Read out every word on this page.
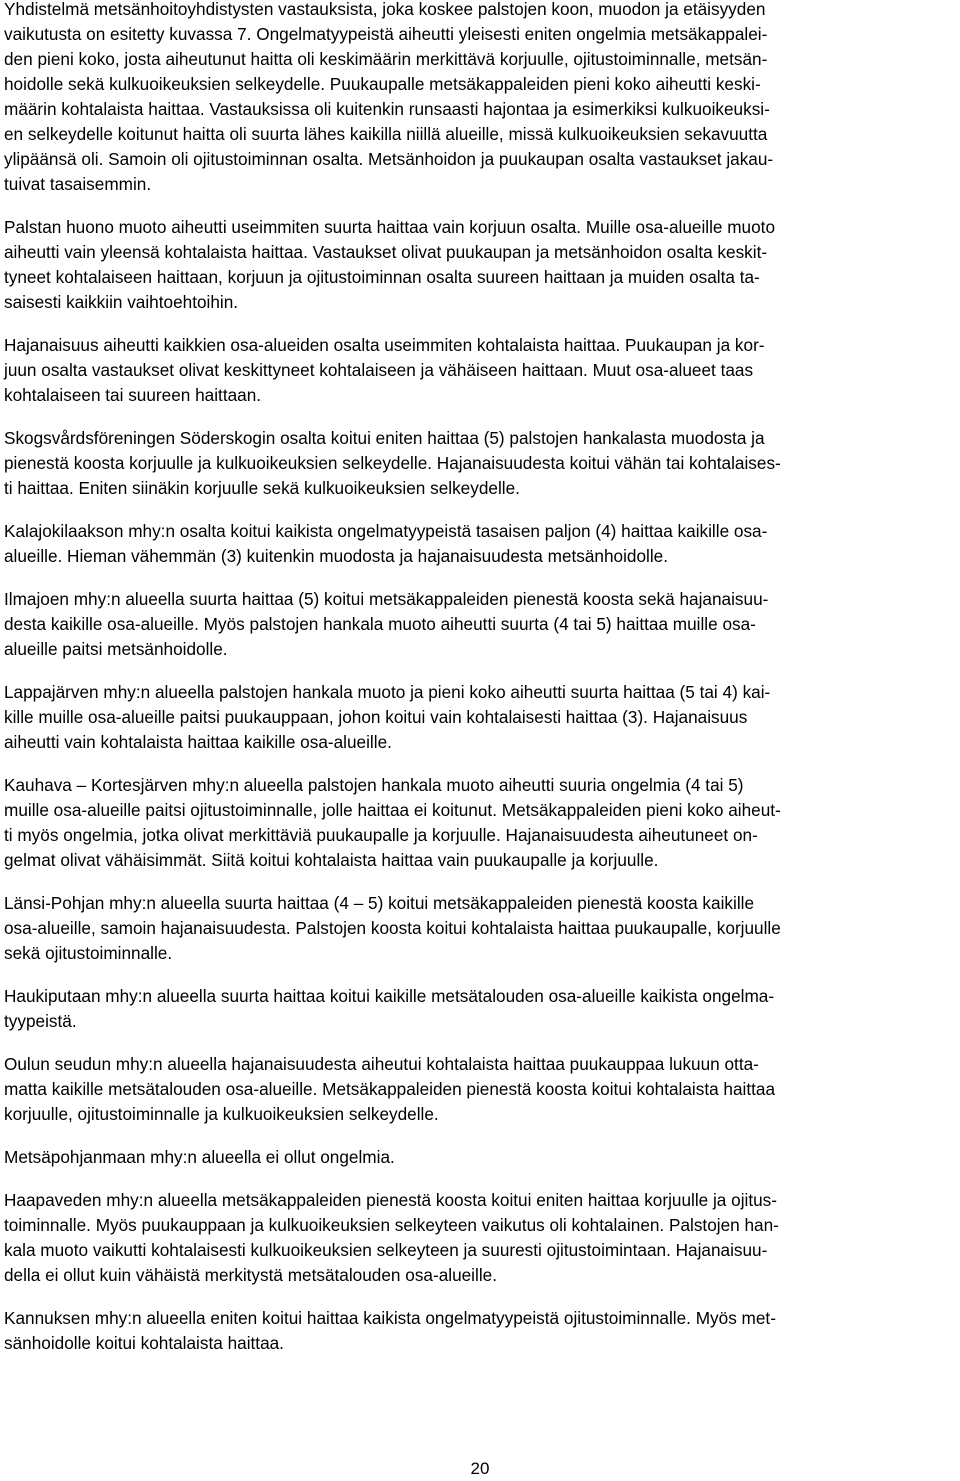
Yhdistelmä metsänhoitoyhdistysten vastauksista, joka koskee palstojen koon, muodon ja etäisyyden

vaikutusta on esitetty kuvassa 7. Ongelmatyypeistä aiheutti yleisesti eniten ongelmia metsäkappalei-

den pieni koko, josta aiheutunut haitta oli keskimäärin merkittävä korjuulle, ojitustoiminnalle, metsän-

hoidolle sekä kulkuoikeuksien selkeydelle. Puukaupalle metsäkappaleiden pieni koko aiheutti keski-

määrin kohtalaista haittaa. Vastauksissa oli kuitenkin runsaasti hajontaa ja esimerkiksi kulkuoikeuksi-

en selkeydelle koitunut haitta oli suurta lähes kaikilla niillä alueille, missä kulkuoikeuksien sekavuutta

ylipäänsä oli. Samoin oli ojitustoiminnan osalta. Metsänhoidon ja puukaupan osalta vastaukset jakau-

tuivat tasaisemmin.

Palstan huono muoto aiheutti useimmiten suurta haittaa vain korjuun osalta. Muille osa-alueille muoto

aiheutti vain yleensä kohtalaista haittaa. Vastaukset olivat puukaupan ja metsänhoidon osalta keskit-

tyneet kohtalaiseen haittaan, korjuun ja ojitustoiminnan osalta suureen haittaan ja muiden osalta ta-

saisesti kaikkiin vaihtoehtoihin.

Hajanaisuus aiheutti kaikkien osa-alueiden osalta useimmiten kohtalaista haittaa. Puukaupan ja kor-

juun osalta vastaukset olivat keskittyneet kohtalaiseen ja vähäiseen haittaan. Muut osa-alueet taas

kohtalaiseen tai suureen haittaan.

Skogsvårdsföreningen Söderskogin osalta koitui eniten haittaa (5) palstojen hankalasta muodosta ja

pienestä koosta korjuulle ja kulkuoikeuksien selkeydelle. Hajanaisuudesta koitui vähän tai kohtalaises-

ti haittaa. Eniten siinäkin korjuulle sekä kulkuoikeuksien selkeydelle.

Kalajokilaakson mhy:n osalta koitui kaikista ongelmatyypeistä tasaisen paljon (4) haittaa kaikille osa-

alueille. Hieman vähemmän (3) kuitenkin muodosta ja hajanaisuudesta metsänhoidolle.

Ilmajoen mhy:n alueella suurta haittaa (5) koitui metsäkappaleiden pienestä koosta sekä hajanaisuu-

desta kaikille osa-alueille. Myös palstojen hankala muoto aiheutti suurta (4 tai 5) haittaa muille osa-

alueille paitsi metsänhoidolle.

Lappajärven mhy:n alueella palstojen hankala muoto ja pieni koko aiheutti suurta haittaa (5 tai 4) kai-

kille muille osa-alueille paitsi puukauppaan, johon koitui vain kohtalaisesti haittaa (3). Hajanaisuus

aiheutti vain kohtalaista haittaa kaikille osa-alueille.

Kauhava – Kortesjärven mhy:n alueella palstojen hankala muoto aiheutti suuria ongelmia (4 tai 5)

muille osa-alueille paitsi ojitustoiminnalle, jolle haittaa ei koitunut. Metsäkappaleiden pieni koko aiheut-

ti myös ongelmia, jotka olivat merkittäviä puukaupalle ja korjuulle. Hajanaisuudesta aiheutuneet on-

gelmat olivat vähäisimmät. Siitä koitui kohtalaista haittaa vain puukaupalle ja korjuulle.

Länsi-Pohjan mhy:n alueella suurta haittaa (4 – 5) koitui metsäkappaleiden pienestä koosta kaikille

osa-alueille, samoin hajanaisuudesta. Palstojen koosta koitui kohtalaista haittaa puukaupalle, korjuulle

sekä ojitustoiminnalle.

Haukiputaan mhy:n alueella suurta haittaa koitui kaikille metsätalouden osa-alueille kaikista ongelma-

tyypeistä.

Oulun seudun mhy:n alueella hajanaisuudesta aiheutui kohtalaista haittaa puukauppaa lukuun otta-

matta kaikille metsätalouden osa-alueille. Metsäkappaleiden pienestä koosta koitui kohtalaista haittaa

korjuulle, ojitustoiminnalle ja kulkuoikeuksien selkeydelle.

Metsäpohjanmaan mhy:n alueella ei ollut ongelmia.

Haapaveden mhy:n alueella metsäkappaleiden pienestä koosta koitui eniten haittaa korjuulle ja ojitus-

toiminnalle. Myös puukauppaan ja kulkuoikeuksien selkeyteen vaikutus oli kohtalainen. Palstojen han-

kala muoto vaikutti kohtalaisesti kulkuoikeuksien selkeyteen ja suuresti ojitustoimintaan. Hajanaisuu-

della ei ollut kuin vähäistä merkitystä metsätalouden osa-alueille.

Kannuksen mhy:n alueella eniten koitui haittaa kaikista ongelmatyypeistä ojitustoiminnalle. Myös met-

sänhoidolle koitui kohtalaista haittaa.

20
